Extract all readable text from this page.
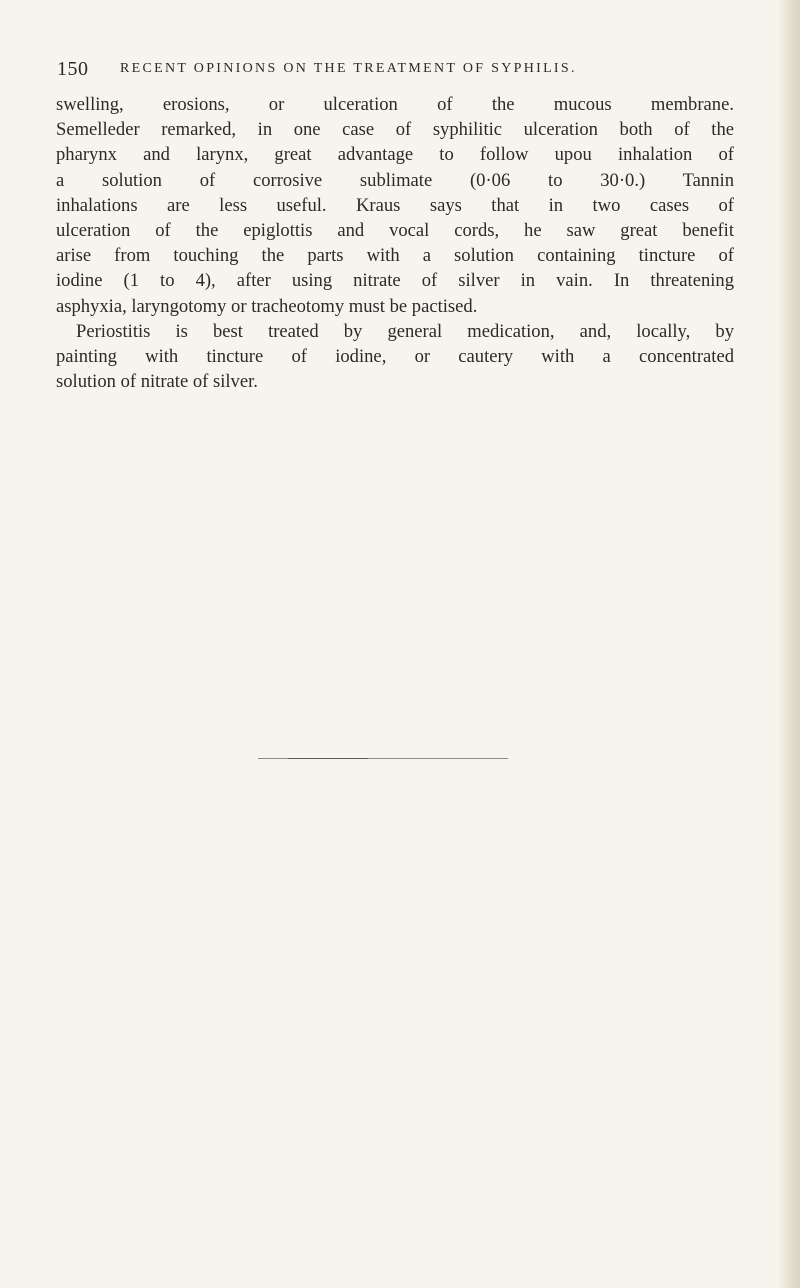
150 RECENT OPINIONS ON THE TREATMENT OF SYPHILIS.
swelling, erosions, or ulceration of the mucous membrane.
Semelleder remarked, in one case of syphilitic ulceration both of the
pharynx and larynx, great advantage to follow upou inhalation of
a solution of corrosive sublimate (0·06 to 30·0.) Tannin
inhalations are less useful. Kraus says that in two cases of
ulceration of the epiglottis and vocal cords, he saw great benefit
arise from touching the parts with a solution containing tincture of
iodine (1 to 4), after using nitrate of silver in vain. In threatening
asphyxia, laryngotomy or tracheotomy must be pactised.
Periostitis is best treated by general medication, and, locally, by
painting with tincture of iodine, or cautery with a concentrated
solution of nitrate of silver.
